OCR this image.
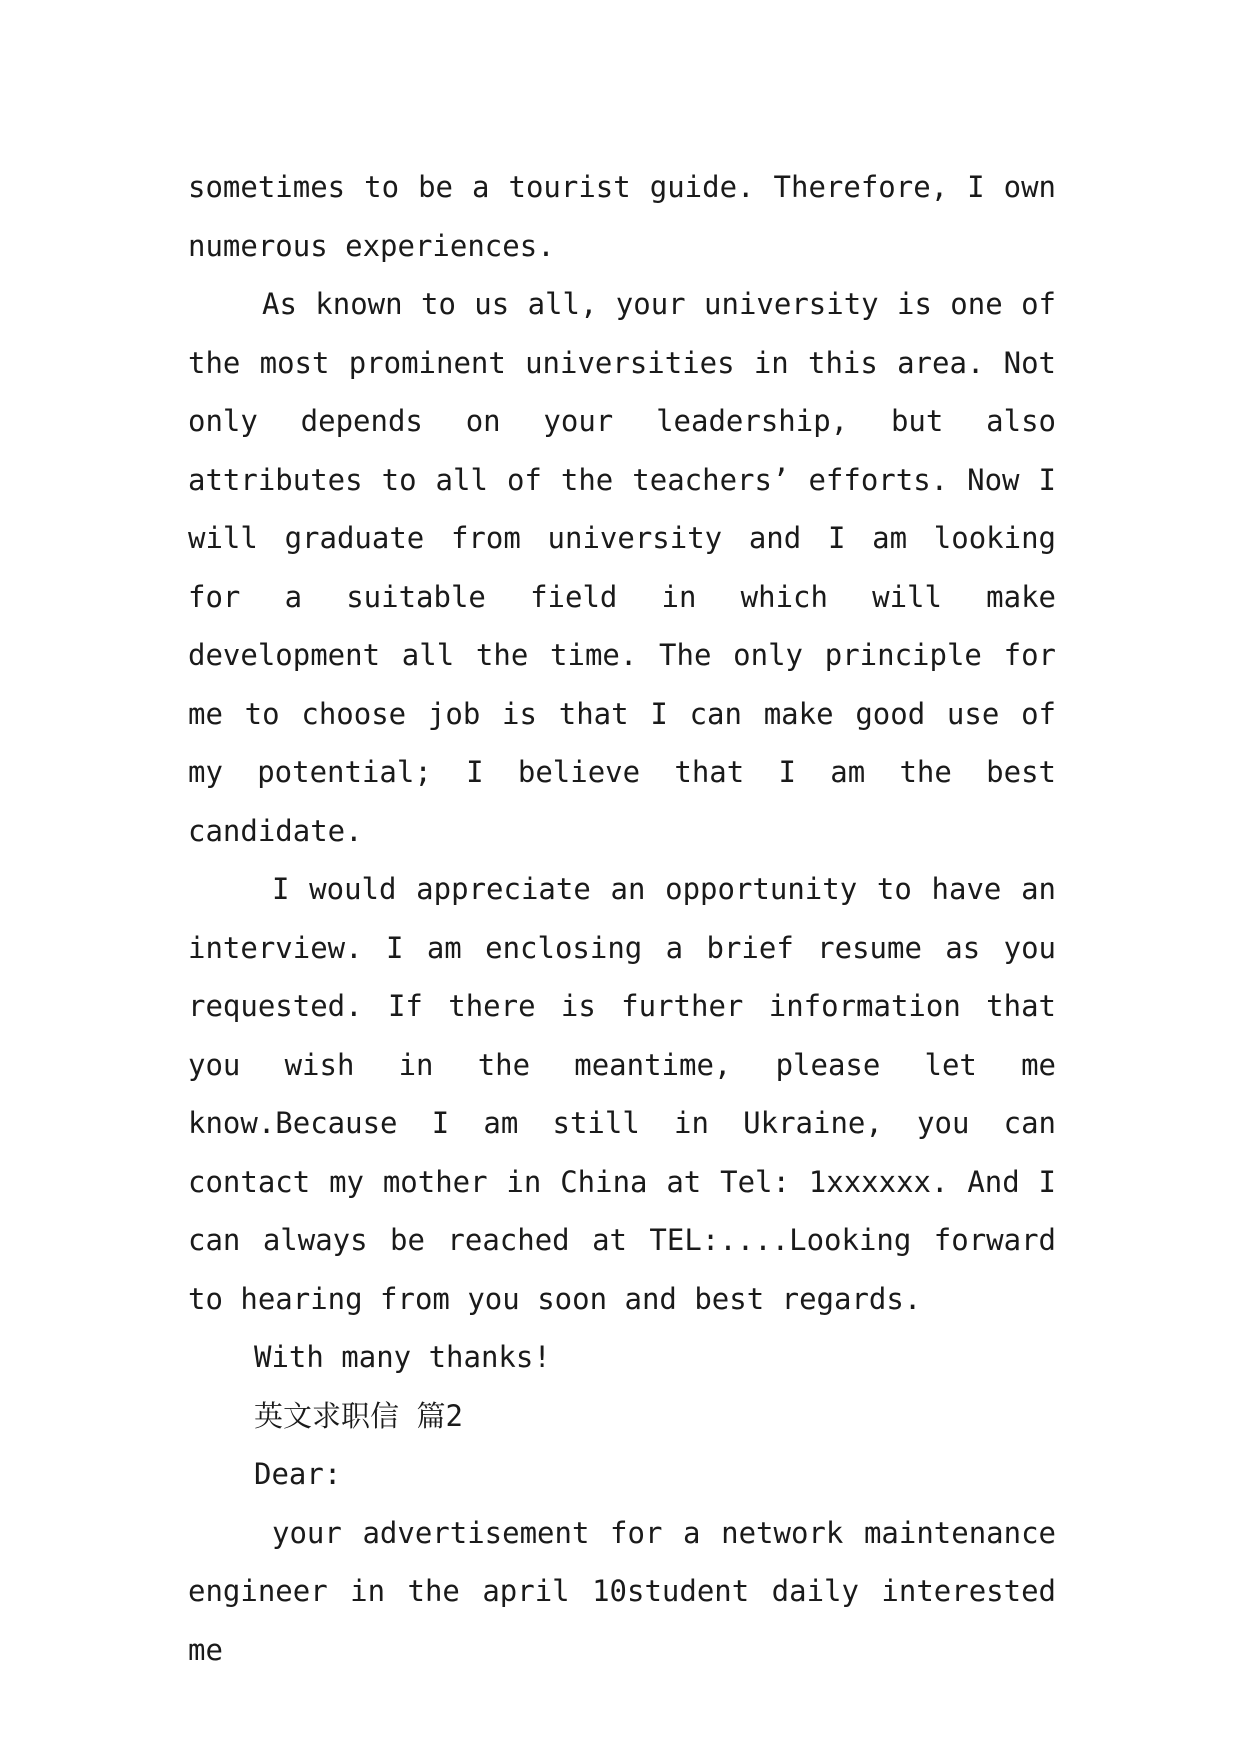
sometimes to be a tourist guide. Therefore, I own numerous experiences.

As known to us all, your university is one of the most prominent universities in this area. Not only depends on your leadership, but also attributes to all of the teachers’ efforts. Now I will graduate from university and I am looking for a suitable field in which will make development all the time. The only principle for me to choose job is that I can make good use of my potential; I believe that I am the best candidate.

I would appreciate an opportunity to have an interview. I am enclosing a brief resume as you requested. If there is further information that you wish in the meantime, please let me know.Because I am still in Ukraine, you can contact my mother in China at Tel: 1xxxxxx. And I can always be reached at TEL:....Looking forward to hearing from you soon and best regards.

With many thanks!

英文求职信 篇2

Dear:

your advertisement for a network maintenance engineer in the april 10student daily interested me
